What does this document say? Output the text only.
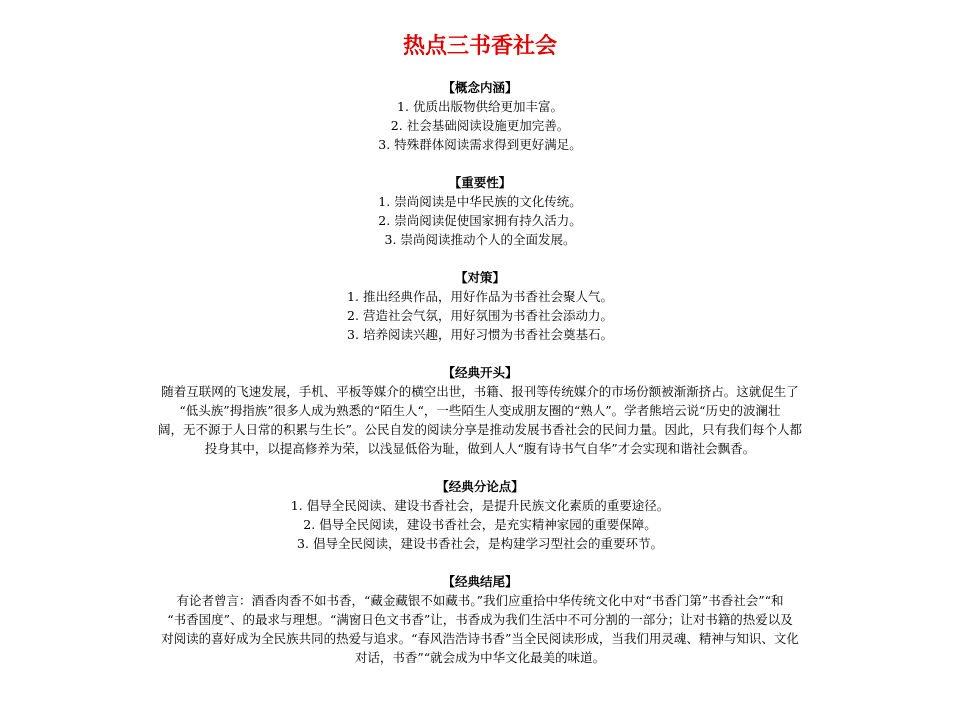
热点三书香社会
【概念内涵】
1. 优质出版物供给更加丰富。
2. 社会基础阅读设施更加完善。
3. 特殊群体阅读需求得到更好满足。
【重要性】
1. 崇尚阅读是中华民族的文化传统。
2. 崇尚阅读促使国家拥有持久活力。
3. 崇尚阅读推动个人的全面发展。
【对策】
1. 推出经典作品，用好作品为书香社会聚人气。
2. 营造社会气氛，用好氛围为书香社会添动力。
3. 培养阅读兴趣，用好习惯为书香社会奠基石。
【经典开头】
随着互联网的飞速发展，手机、平板等媒介的横空出世，书籍、报刊等传统媒介的市场份额被渐渐挤占。这就促生了
“低头族”拇指族”很多人成为熟悉的“陌生人“，一些陌生人变成朋友圈的“熟人”。学者熊培云说“历史的波澜壮
阔，无不源于人日常的积累与生长”。公民自发的阅读分享是推动发展书香社会的民间力量。因此，只有我们每个人都
投身其中，以提高修养为荣，以浅显低俗为耻，做到人人“腹有诗书气自华”才会实现和谐社会飘香。
【经典分论点】
1. 倡导全民阅读、建设书香社会，是提升民族文化素质的重要途径。
2. 倡导全民阅读，建设书香社会，是充实精神家园的重要保障。
3. 倡导全民阅读，建设书香社会，是构建学习型社会的重要环节。
【经典结尾】
有论者曾言：酒香肉香不如书香，“藏金藏银不如藏书。”我们应重拾中华传统文化中对“书香门第”书香社会”“和
“书香国度”、的最求与理想。“满窗日色文书香”让，书香成为我们生活中不可分割的一部分；让对书籍的热爱以及
对阅读的喜好成为全民族共同的热爱与追求。“春风浩浩诗书香”当全民阅读形成，当我们用灵魂、精神与知识、文化
对话，书香”“就会成为中华文化最美的味道。
